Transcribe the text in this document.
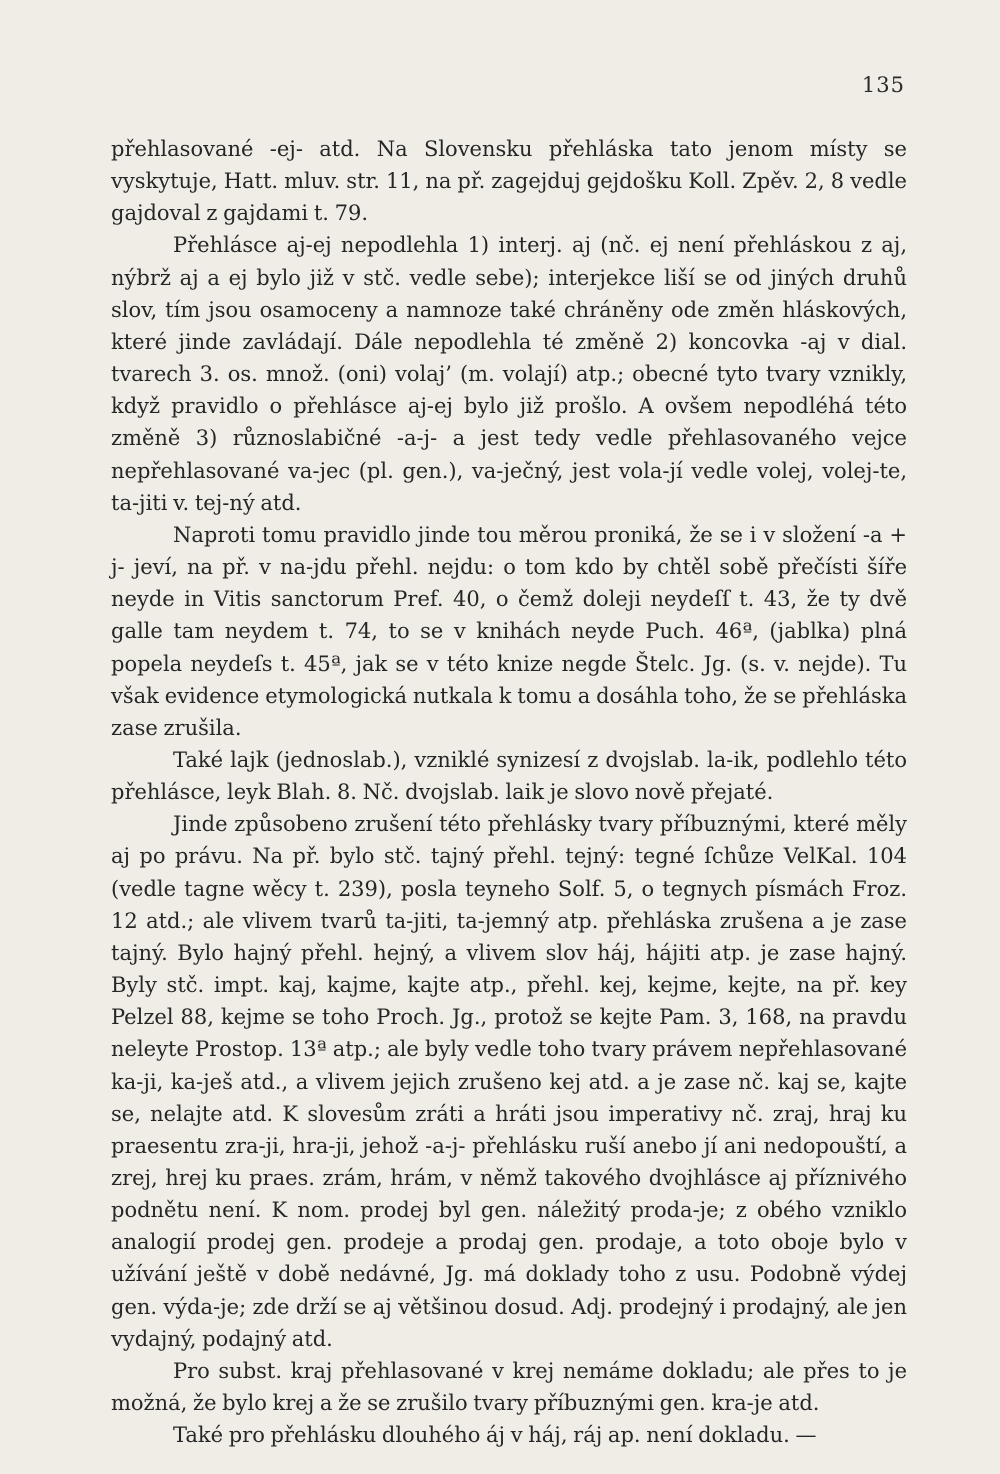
135

přehlasované -ej- atd. Na Slovensku přehláska tato jenom místy se vyskytuje, Hatt. mluv. str. 11, na př. zagejduj gejdošku Koll. Zpěv. 2, 8 vedle gajdoval z gajdami t. 79.

Přehlásce aj-ej nepodlehla 1) interj. aj (nč. ej není přehláskou z aj, nýbrž aj a ej bylo již v stč. vedle sebe); interjekce liší se od jiných druhů slov, tím jsou osamoceny a namnoze také chráněny ode změn hláskových, které jinde zavládají. Dále nepodlehla té změně 2) koncovka -aj v dial. tvarech 3. os. množ. (oni) volaj’ (m. volají) atp.; obecné tyto tvary vznikly, když pravidlo o přehlásce aj-ej bylo již prošlo. A ovšem nepodléhá této změně 3) různoslabičné -a-j- a jest tedy vedle přehlasovaného vejce nepřehlasované va-jec (pl. gen.), va-ječný, jest vola-jí vedle volej, volej-te, ta-jiti v. tej-ný atd.

Naproti tomu pravidlo jinde tou měrou proniká, že se i v složení -a + j- jeví, na př. v na-jdu přehl. nejdu: o tom kdo by chtěl sobě přečísti šíře neyde in Vitis sanctorum Pref. 40, o čemž doleji neydeſſ t. 43, že ty dvě galle tam neydem t. 74, to se v knihách neyde Puch. 46ª, (jablka) plná popela neydeſs t. 45ª, jak se v této knize negde Štelc. Jg. (s. v. nejde). Tu však evidence etymologická nutkala k tomu a dosáhla toho, že se přehláska zase zrušila.

Také lajk (jednoslab.), vzniklé synizesí z dvojslab. la-ik, podlehlo této přehlásce, leyk Blah. 8. Nč. dvojslab. laik je slovo nově přejaté.

Jinde způsobeno zrušení této přehlásky tvary příbuznými, které měly aj po právu. Na př. bylo stč. tajný přehl. tejný: tegné ſchůze VelKal. 104 (vedle tagne wěcy t. 239), posla teyneho Solf. 5, o tegnych písmách Froz. 12 atd.; ale vlivem tvarů ta-jiti, ta-jemný atp. přehláska zrušena a je zase tajný. Bylo hajný přehl. hejný, a vlivem slov háj, hájiti atp. je zase hajný. Byly stč. impt. kaj, kajme, kajte atp., přehl. kej, kejme, kejte, na př. key Pelzel 88, kejme se toho Proch. Jg., protož se kejte Pam. 3, 168, na pravdu neleyte Prostop. 13ª atp.; ale byly vedle toho tvary právem nepřehlasované ka-ji, ka-ješ atd., a vlivem jejich zrušeno kej atd. a je zase nč. kaj se, kajte se, nelajte atd. K slovesům zráti a hráti jsou imperativy nč. zraj, hraj ku praesentu zra-ji, hra-ji, jehož -a-j- přehlásku ruší anebo jí ani nedopouští, a zrej, hrej ku praes. zrám, hrám, v němž takového dvojhlásce aj příznivého podnětu není. K nom. prodej byl gen. náležitý proda-je; z obého vzniklo analogií prodej gen. prodeje a prodaj gen. prodaje, a toto oboje bylo v užívání ještě v době nedávné, Jg. má doklady toho z usu. Podobně výdej gen. výda-je; zde drží se aj většinou dosud. Adj. prodejný i prodajný, ale jen vydajný, podajný atd.

Pro subst. kraj přehlasované v krej nemáme dokladu; ale přes to je možná, že bylo krej a že se zrušilo tvary příbuznými gen. kra-je atd.

Také pro přehlásku dlouhého áj v háj, ráj ap. není dokladu. —
